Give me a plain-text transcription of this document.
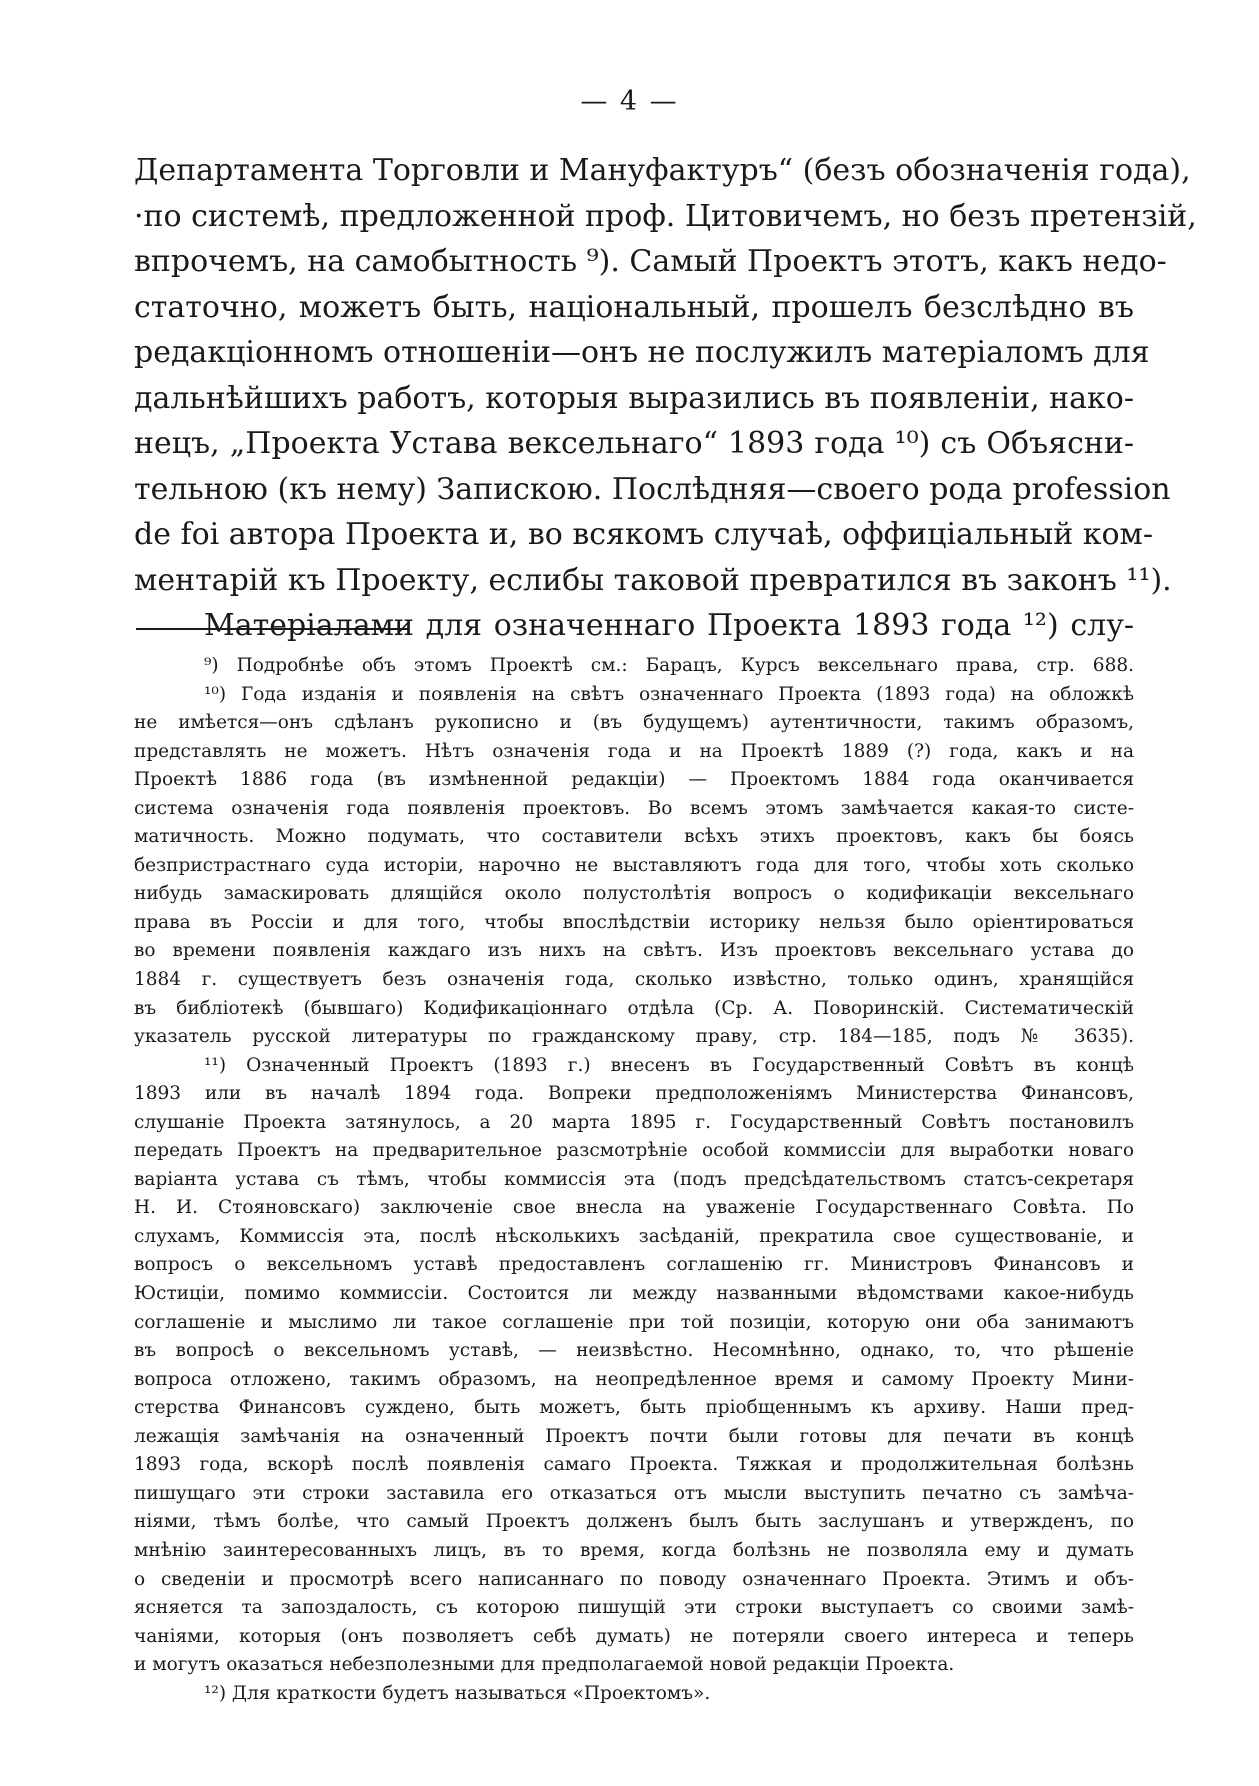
— 4 —
Департамента Торговли и Мануфактуръ“ (безъ обозначенія года),
·по системѣ, предложенной проф. Цитовичемъ, но безъ претензій,
впрочемъ, на самобытность ⁹). Самый Проектъ этотъ, какъ недо-
статочно, можетъ быть, національный, прошелъ безслѣдно въ
редакціонномъ отношеніи—онъ не послужилъ матеріаломъ для
дальнѣйшихъ работъ, которыя выразились въ появленіи, нако-
нецъ, „Проекта Устава вексельнаго“ 1893 года ¹⁰) съ Объясни-
тельною (къ нему) Запискою. Послѣдняя—своего рода profession
de foi автора Проекта и, во всякомъ случаѣ, оффиціальный ком-
ментарій къ Проекту, еслибы таковой превратился въ законъ ¹¹).
Матеріалами для означеннаго Проекта 1893 года ¹²) слу-
⁹) Подробнѣе объ этомъ Проектѣ см.: Барацъ, Курсъ вексельнаго права, стр. 688.
¹⁰) Года изданія и появленія на свѣтъ означеннаго Проекта (1893 года) на обложкѣ
не имѣется—онъ сдѣланъ рукописно и (въ будущемъ) аутентичности, такимъ образомъ,
представлять не можетъ. Нѣтъ означенія года и на Проектѣ 1889 (?) года, какъ и на
Проектѣ 1886 года (въ измѣненной редакціи) — Проектомъ 1884 года оканчивается
система означенія года появленія проектовъ. Во всемъ этомъ замѣчается какая-то систе-
матичность. Можно подумать, что составители всѣхъ этихъ проектовъ, какъ бы боясь
безпристрастнаго суда исторіи, нарочно не выставляютъ года для того, чтобы хоть сколько
нибудь замаскировать длящійся около полустолѣтія вопросъ о кодификаціи вексельнаго
права въ Россіи и для того, чтобы впослѣдствіи историку нельзя было оріентироваться
во времени появленія каждаго изъ нихъ на свѣтъ. Изъ проектовъ вексельнаго устава до
1884 г. существуетъ безъ означенія года, сколько извѣстно, только одинъ, хранящійся
въ библіотекѣ (бывшаго) Кодификаціоннаго отдѣла (Ср. А. Поворинскій. Систематическій
указатель русской литературы по гражданскому праву, стр. 184—185, подъ № 3635).
¹¹) Означенный Проектъ (1893 г.) внесенъ въ Государственный Совѣтъ въ концѣ
1893 или въ началѣ 1894 года. Вопреки предположеніямъ Министерства Финансовъ,
слушаніе Проекта затянулось, а 20 марта 1895 г. Государственный Совѣтъ постановилъ
передать Проектъ на предварительное разсмотрѣніе особой коммиссіи для выработки новаго
варіанта устава съ тѣмъ, чтобы коммиссія эта (подъ предсѣдательствомъ статсъ-секретаря
Н. И. Стояновскаго) заключеніе свое внесла на уваженіе Государственнаго Совѣта. По
слухамъ, Коммиссія эта, послѣ нѣсколькихъ засѣданій, прекратила свое существованіе, и
вопросъ о вексельномъ уставѣ предоставленъ соглашенію гг. Министровъ Финансовъ и
Юстиціи, помимо коммиссіи. Состоится ли между названными вѣдомствами какое-нибудь
соглашеніе и мыслимо ли такое соглашеніе при той позиціи, которую они оба занимаютъ
въ вопросѣ о вексельномъ уставѣ, — неизвѣстно. Несомнѣнно, однако, то, что рѣшеніе
вопроса отложено, такимъ образомъ, на неопредѣленное время и самому Проекту Мини-
стерства Финансовъ суждено, быть можетъ, быть пріобщеннымъ къ архиву. Наши пред-
лежащія замѣчанія на означенный Проектъ почти были готовы для печати въ концѣ
1893 года, вскорѣ послѣ появленія самаго Проекта. Тяжкая и продолжительная болѣзнь
пишущаго эти строки заставила его отказаться отъ мысли выступить печатно съ замѣча-
ніями, тѣмъ болѣе, что самый Проектъ долженъ былъ быть заслушанъ и утвержденъ, по
мнѣнію заинтересованныхъ лицъ, въ то время, когда болѣзнь не позволяла ему и думать
о сведеніи и просмотрѣ всего написаннаго по поводу означеннаго Проекта. Этимъ и объ-
ясняется та запоздалость, съ которою пишущій эти строки выступаетъ со своими замѣ-
чаніями, которыя (онъ позволяетъ себѣ думать) не потеряли своего интереса и теперь
и могутъ оказаться небезполезными для предполагаемой новой редакціи Проекта.
¹²) Для краткости будетъ называться «Проектомъ».
